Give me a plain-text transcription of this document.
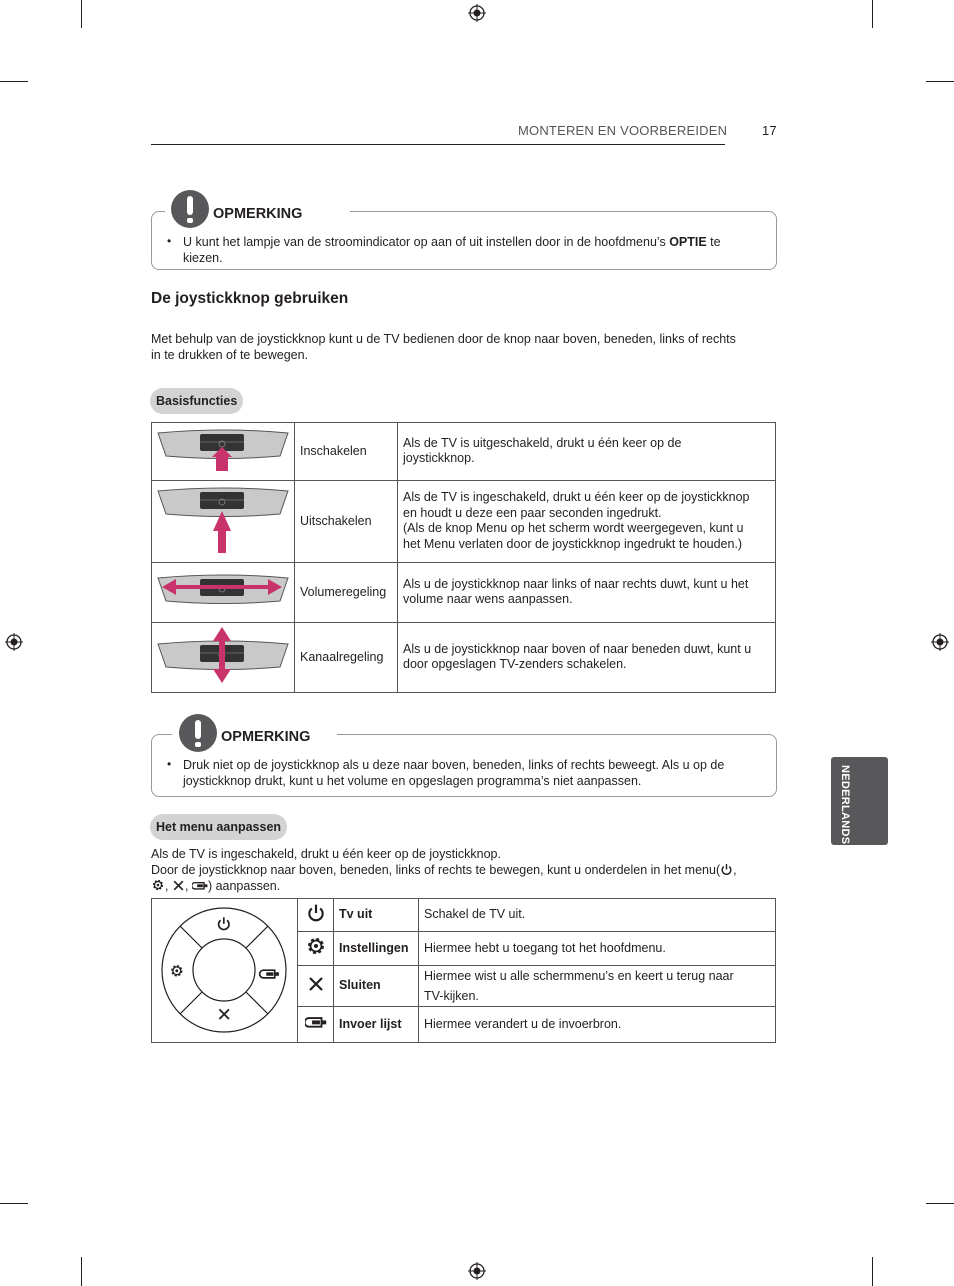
MONTEREN EN VOORBEREIDEN	17
OPMERKING
• U kunt het lampje van de stroomindicator op aan of uit instellen door in de hoofdmenu’s OPTIE te
kiezen.
De joystickknop gebruiken
Met behulp van de joystickknop kunt u de TV bedienen door de knop naar boven, beneden, links of rechts
in te drukken of te bewegen.
Basisfuncties
	Inschakelen	Als de TV is uitgeschakeld, drukt u één keer op de
joystickknop.

	Uitschakelen	Als de TV is ingeschakeld, drukt u één keer op de joystickknop
en houdt u deze een paar seconden ingedrukt.
(Als de knop Menu op het scherm wordt weergegeven, kunt u
het Menu verlaten door de joystickknop ingedrukt te houden.)

	Volumeregeling	Als u de joystickknop naar links of naar rechts duwt, kunt u het
volume naar wens aanpassen.

	Kanaalregeling	Als u de joystickknop naar boven of naar beneden duwt, kunt u
door opgeslagen TV-zenders schakelen.
OPMERKING
• Druk niet op de joystickknop als u deze naar boven, beneden, links of rechts beweegt. Als u op de
joystickknop drukt, kunt u het volume en opgeslagen programma’s niet aanpassen.	NEDERLANDS
Het menu aanpassen
Als de TV is ingeschakeld, drukt u één keer op de joystickknop.
Door de joystickknop naar boven, beneden, links of rechts te bewegen, kunt u onderdelen in het menu( ,
, , ) aanpassen.
		Tv uit	Schakel de TV uit.

	Instellingen	Hiermee hebt u toegang tot het hoofdmenu.

	Sluiten	Hiermee wist u alle schermmenu’s en keert u terug naar
TV-kijken.

	Invoer lijst	Hiermee verandert u de invoerbron.
